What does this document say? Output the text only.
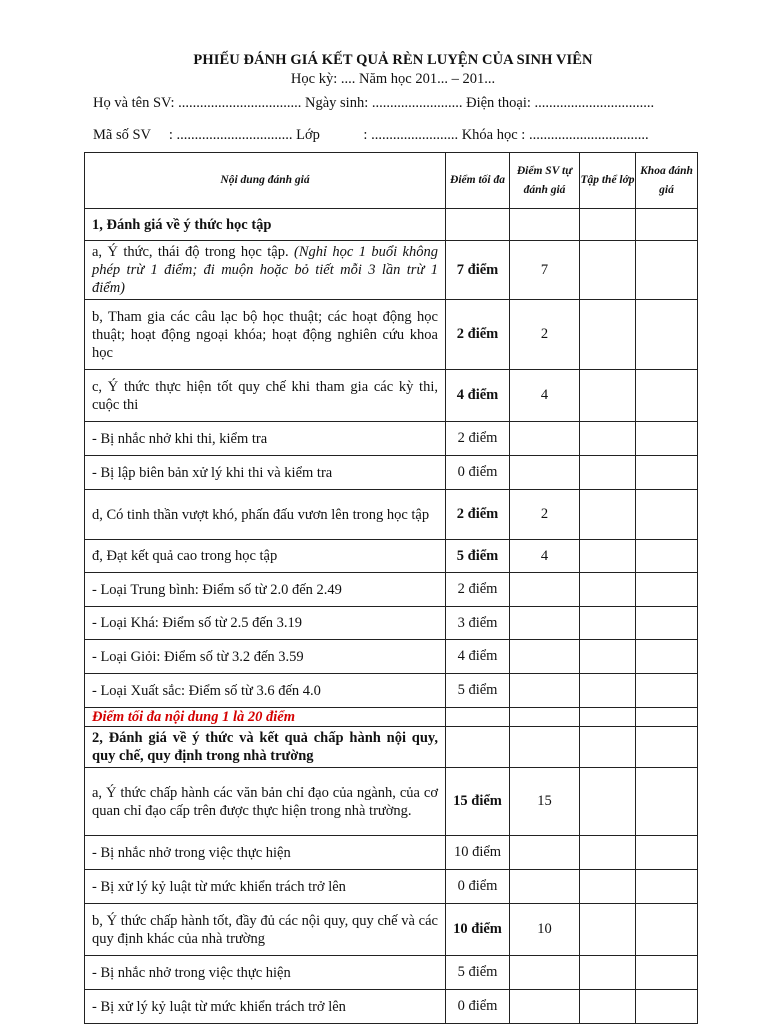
PHIẾU ĐÁNH GIÁ KẾT QUẢ RÈN LUYỆN CỦA SINH VIÊN
Học kỳ: .... Năm học 201... – 201...
Họ và tên SV: .................................. Ngày sinh: ......................... Điện thoại: .................................
Mã số SV     : ................................ Lớp            : ........................ Khóa học : .................................
Nội dung đánh giá	Điểm tối đa	Điểm SV tự đánh giá	Tập thể lớp	Khoa đánh giá
1, Đánh giá về ý thức học tập				
a, Ý thức, thái độ trong học tập. (Nghỉ học 1 buổi không phép trừ 1 điểm; đi muộn hoặc bỏ tiết mỗi 3 lần trừ 1 điểm)	7 điểm	7		
b, Tham gia các câu lạc bộ học thuật; các hoạt động học thuật; hoạt động ngoại khóa; hoạt động nghiên cứu khoa học	2 điểm	2		
c, Ý thức thực hiện tốt quy chế khi tham gia các kỳ thi, cuộc thi	4 điểm	4		
- Bị nhắc nhở khi thi, kiểm tra	2 điểm			
- Bị lập biên bản xử lý khi thi và kiểm tra	0 điểm			
d, Có tinh thần vượt khó, phấn đấu vươn lên trong học tập	2 điểm	2		
đ, Đạt kết quả cao trong học tập	5 điểm	4		
- Loại Trung bình: Điểm số từ 2.0 đến 2.49	2 điểm			
- Loại Khá: Điểm số từ 2.5 đến 3.19	3 điểm			
- Loại Giỏi: Điểm số từ 3.2 đến 3.59	4 điểm			
- Loại Xuất sắc: Điểm số từ 3.6 đến 4.0	5 điểm			
Điểm tối đa nội dung 1 là 20 điểm				
2, Đánh giá về ý thức và kết quả chấp hành nội quy, quy chế, quy định trong nhà trường				
a, Ý thức chấp hành các văn bản chỉ đạo của ngành, của cơ quan chỉ đạo cấp trên được thực hiện trong nhà trường.	15 điểm	15		
- Bị nhắc nhở trong việc thực hiện	10 điểm			
- Bị xử lý kỷ luật từ mức khiển trách trở lên	0 điểm			
b, Ý thức chấp hành tốt, đầy đủ các nội quy, quy chế và các quy định khác của nhà trường	10 điểm	10		
- Bị nhắc nhở trong việc thực hiện	5 điểm			
- Bị xử lý kỷ luật từ mức khiển trách trở lên	0 điểm			
